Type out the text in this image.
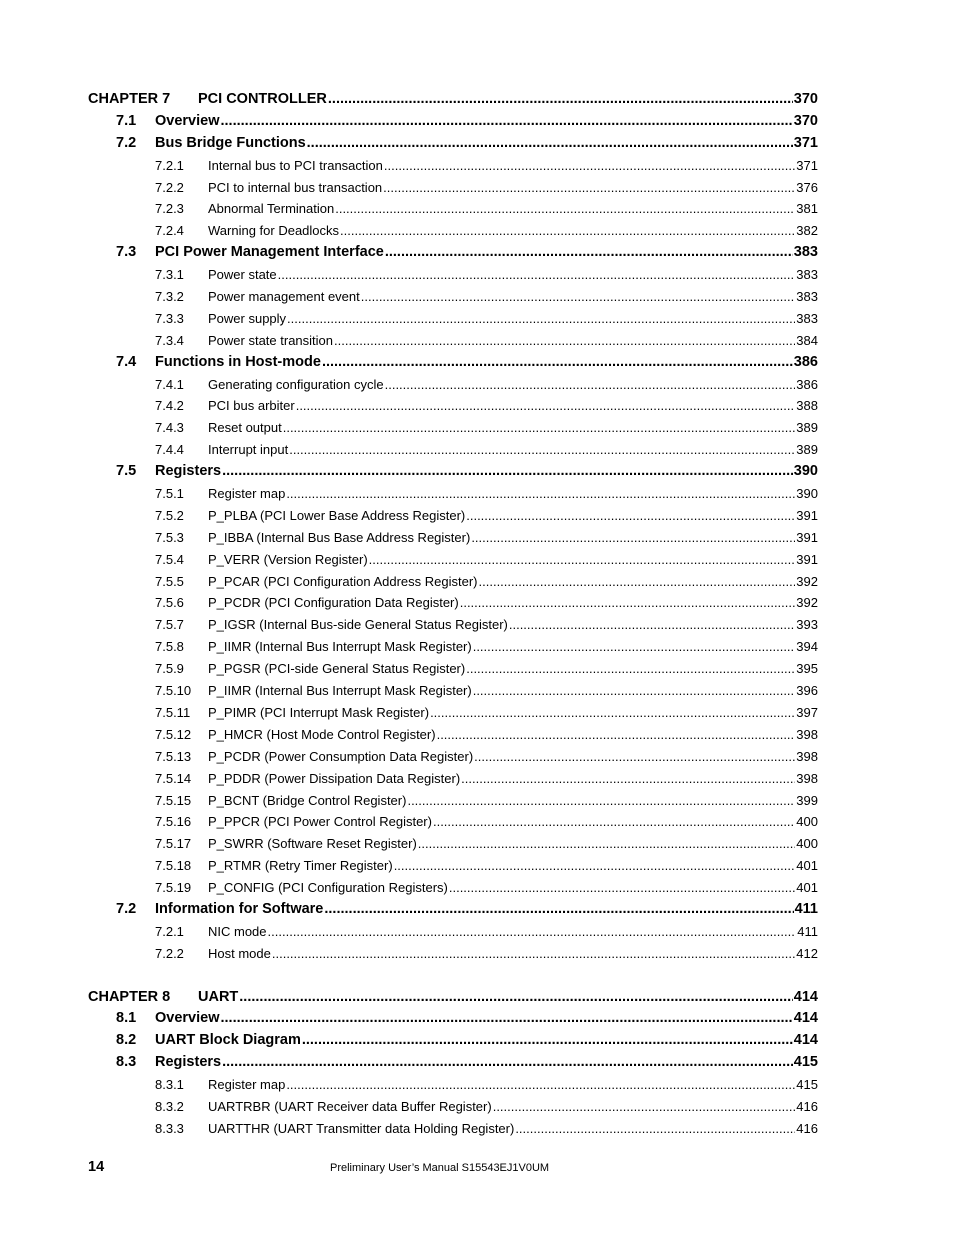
CHAPTER 7	PCI CONTROLLER .....	370
7.1	Overview .....	370
7.2	Bus Bridge Functions .....	371
7.2.1	Internal bus to PCI transaction .....	371
7.2.2	PCI to internal bus transaction .....	376
7.2.3	Abnormal Termination .....	381
7.2.4	Warning for Deadlocks .....	382
7.3	PCI Power Management Interface .....	383
7.3.1	Power state .....	383
7.3.2	Power management event .....	383
7.3.3	Power supply .....	383
7.3.4	Power state transition .....	384
7.4	Functions in Host-mode .....	386
7.4.1	Generating configuration cycle .....	386
7.4.2	PCI bus arbiter .....	388
7.4.3	Reset output .....	389
7.4.4	Interrupt input .....	389
7.5	Registers .....	390
7.5.1	Register map .....	390
7.5.2	P_PLBA (PCI Lower Base Address Register) .....	391
7.5.3	P_IBBA (Internal Bus Base Address Register) .....	391
7.5.4	P_VERR (Version Register) .....	391
7.5.5	P_PCAR (PCI Configuration Address Register) .....	392
7.5.6	P_PCDR (PCI Configuration Data Register) .....	392
7.5.7	P_IGSR (Internal Bus-side General Status Register) .....	393
7.5.8	P_IIMR (Internal Bus Interrupt Mask Register) .....	394
7.5.9	P_PGSR (PCI-side General Status Register) .....	395
7.5.10	P_IIMR (Internal Bus Interrupt Mask Register) .....	396
7.5.11	P_PIMR (PCI Interrupt Mask Register) .....	397
7.5.12	P_HMCR (Host Mode Control Register) .....	398
7.5.13	P_PCDR (Power Consumption Data Register) .....	398
7.5.14	P_PDDR (Power Dissipation Data Register) .....	398
7.5.15	P_BCNT (Bridge Control Register) .....	399
7.5.16	P_PPCR (PCI Power Control Register) .....	400
7.5.17	P_SWRR (Software Reset Register) .....	400
7.5.18	P_RTMR (Retry Timer Register) .....	401
7.5.19	P_CONFIG (PCI Configuration Registers) .....	401
7.2	Information for Software .....	411
7.2.1	NIC mode .....	411
7.2.2	Host mode .....	412
CHAPTER 8	UART .....	414
8.1	Overview .....	414
8.2	UART Block Diagram .....	414
8.3	Registers .....	415
8.3.1	Register map .....	415
8.3.2	UARTRBR (UART Receiver data Buffer Register) .....	416
8.3.3	UARTTHR (UART Transmitter data Holding Register) .....	416
14	Preliminary User’s Manual S15543EJ1V0UM
